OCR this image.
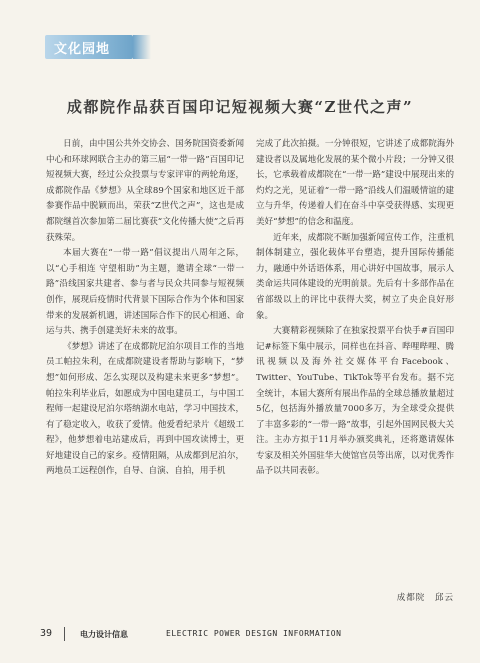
文化园地
成都院作品获百国印记短视频大赛“Z世代之声”

日前，由中国公共外交协会、国务院国资委新闻中心和环球网联合主办的第三届“一带一路”百国印记短视频大赛，经过公众投票与专家评审的两轮角逐，成都院作品《梦想》从全球89个国家和地区近千部参赛作品中脱颖而出，荣获“Z世代之声”，这也是成都院继首次参加第二届比赛获“文化传播大使”之后再获殊荣。

本届大赛在“一带一路”倡议提出八周年之际，以“心手相连 守望相助”为主题，邀请全球“一带一路”沿线国家共建者、参与者与民众共同参与短视频创作，展现后疫情时代背景下国际合作为个体和国家带来的发展新机遇，讲述国际合作下的民心相通、命运与共、携手创建美好未来的故事。

《梦想》讲述了在成都院尼泊尔项目工作的当地员工帕拉朱利，在成都院建设者帮助与影响下，“梦想”如何形成、怎么实现以及构建未来更多“梦想”。帕拉朱利毕业后，如愿成为中国电建员工，与中国工程师一起建设尼泊尔塔纳湖水电站，学习中国技术，有了稳定收入，收获了爱情。他爱看纪录片《超级工程》，他梦想着电站建成后，再到中国攻读博士，更好地建设自己的家乡。疫情阻隔，从成都到尼泊尔，两地员工远程创作，自导、自演、自拍，用手机

完成了此次拍摄。一分钟很短，它讲述了成都院海外建设者以及属地化发展的某个微小片段；一分钟又很长，它承载着成都院在“一带一路”建设中展现出来的灼灼之光，见证着“一带一路”沿线人们温暖情谊的建立与升华，传递着人们在奋斗中享受获得感、实现更美好“梦想”的信念和温度。

近年来，成都院不断加强新闻宣传工作，注重机制体制建立，强化载体平台塑造，提升国际传播能力，融通中外话语体系，用心讲好中国故事，展示人类命运共同体建设的光明前景。先后有十多部作品在省部级以上的评比中获得大奖，树立了央企良好形象。

大赛精彩视频除了在独家投票平台快手#百国印记#标签下集中展示，同样也在抖音、哔哩哔哩、腾讯视频以及海外社交媒体平台Facebook、Twitter、YouTube、TikTok等平台发布。据不完全统计，本届大赛所有展出作品的全球总播放量超过5亿，包括海外播放量7000多万，为全球受众提供了丰富多彩的“一带一路”故事，引起外国网民极大关注。主办方拟于11月举办颁奖典礼，还将邀请媒体专家及相关外国驻华大使馆官员等出席，以对优秀作品予以共同表彰。

成都院　邱云
39	电力设计信息	ELECTRIC POWER DESIGN INFORMATION
